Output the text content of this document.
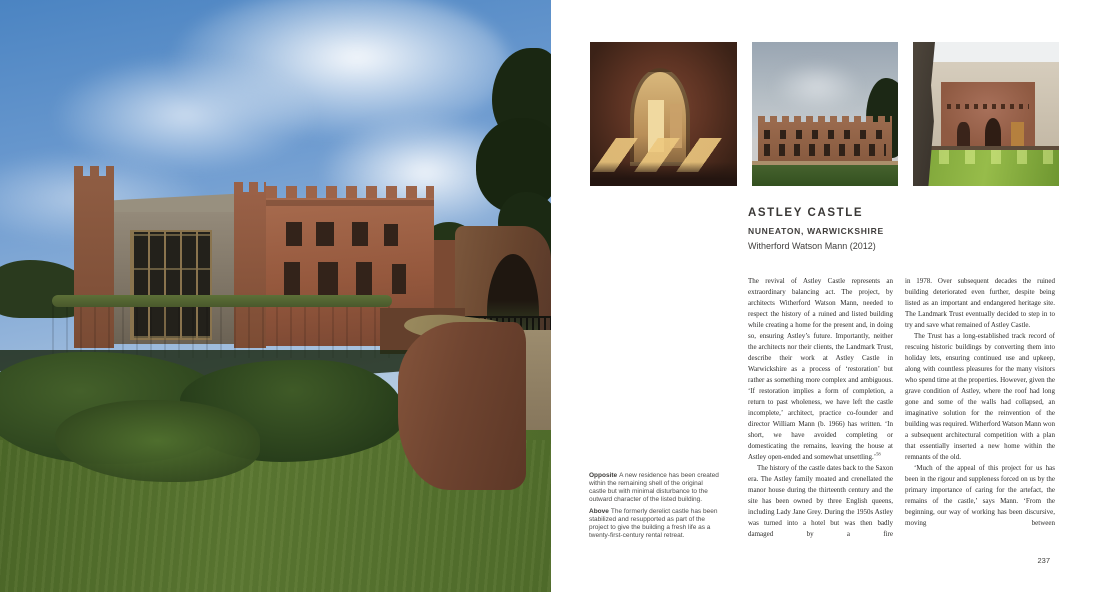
ASTLEY CASTLE
NUNEATON, WARWICKSHIRE
Witherford Watson Mann (2012)

The revival of Astley Castle represents an extraordinary balancing act. The project, by architects Witherford Watson Mann, needed to respect the history of a ruined and listed building while creating a home for the present and, in doing so, ensuring Astley’s future. Importantly, neither the architects nor their clients, the Landmark Trust, describe their work at Astley Castle in Warwickshire as a process of ‘restoration’ but rather as something more complex and ambiguous. ‘If restoration implies a form of completion, a return to past wholeness, we have left the castle incomplete,’ architect, practice co-founder and director William Mann (b. 1966) has written. ‘In short, we have avoided completing or domesticating the remains, leaving the house at Astley open-ended and somewhat unsettling.’$^{58}$

The history of the castle dates back to the Saxon era. The Astley family moated and crenellated the manor house during the thirteenth century and the site has been owned by three English queens, including Lady Jane Grey. During the 1950s Astley was turned into a hotel but was then badly damaged by a fire

in 1978. Over subsequent decades the ruined building deteriorated even further, despite being listed as an important and endangered heritage site. The Landmark Trust eventually decided to step in to try and save what remained of Astley Castle.

The Trust has a long-established track record of rescuing historic buildings by converting them into holiday lets, ensuring continued use and upkeep, along with countless pleasures for the many visitors who spend time at the properties. However, given the grave condition of Astley, where the roof had long gone and some of the walls had collapsed, an imaginative solution for the reinvention of the building was required. Witherford Watson Mann won a subsequent architectural competition with a plan that essentially inserted a new home within the remnants of the old.

‘Much of the appeal of this project for us has been in the rigour and suppleness forced on us by the primary importance of caring for the artefact, the remains of the castle,’ says Mann. ‘From the beginning, our way of working has been discursive, moving between

Opposite A new residence has been created within the remaining shell of the original castle but with minimal disturbance to the outward character of the listed building.

Above The formerly derelict castle has been stabilized and resupported as part of the project to give the building a fresh life as a twenty-first-century rental retreat.

237
